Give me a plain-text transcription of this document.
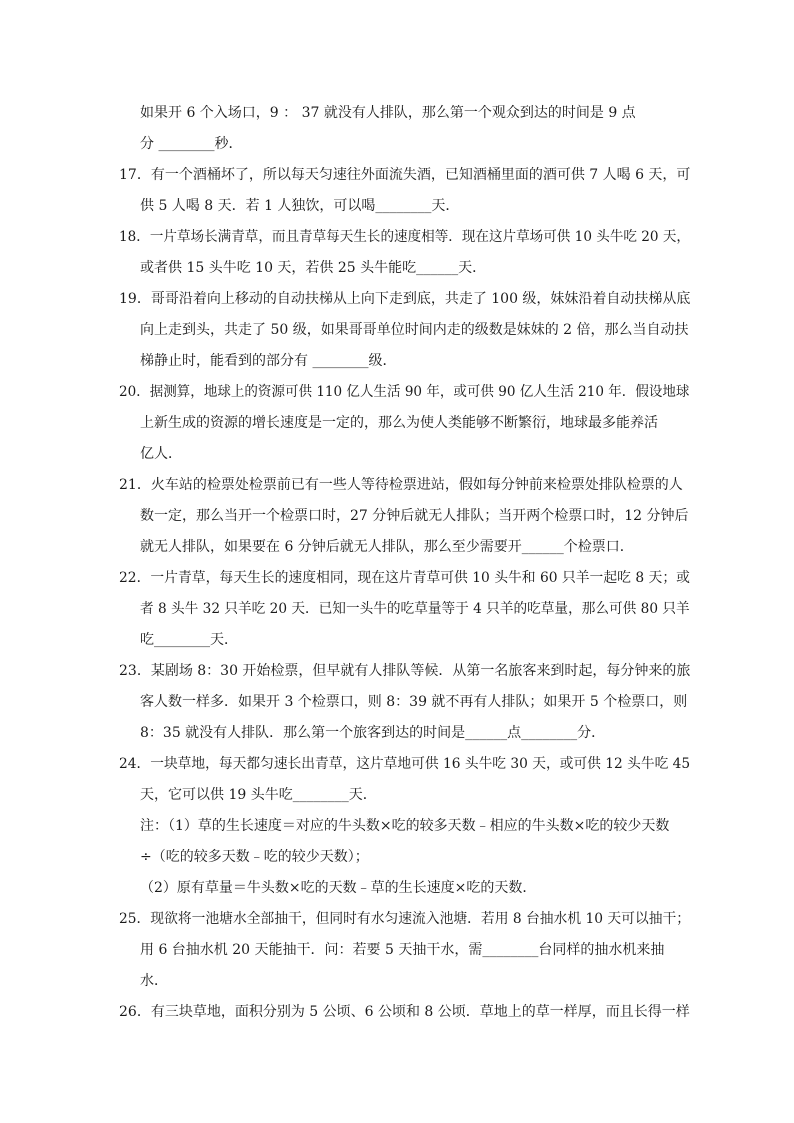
如果开 6 个入场口，9 ： 37 就没有人排队，那么第一个观众到达的时间是 9 点
分 ________秒．
17．有一个酒桶坏了，所以每天匀速往外面流失酒，已知酒桶里面的酒可供 7 人喝 6 天，可
供 5 人喝 8 天．若 1 人独饮，可以喝________天．
18．一片草场长满青草，而且青草每天生长的速度相等．现在这片草场可供 10 头牛吃 20 天，
或者供 15 头牛吃 10 天，若供 25 头牛能吃______天．
19．哥哥沿着向上移动的自动扶梯从上向下走到底，共走了 100 级，妹妹沿着自动扶梯从底
向上走到头，共走了 50 级，如果哥哥单位时间内走的级数是妹妹的 2 倍，那么当自动扶
梯静止时，能看到的部分有 ________级．
20．据测算，地球上的资源可供 110 亿人生活 90 年，或可供 90 亿人生活 210 年．假设地球
上新生成的资源的增长速度是一定的，那么为使人类能够不断繁衍，地球最多能养活
亿人．
21．火车站的检票处检票前已有一些人等待检票进站，假如每分钟前来检票处排队检票的人
数一定，那么当开一个检票口时，27 分钟后就无人排队；当开两个检票口时，12 分钟后
就无人排队，如果要在 6 分钟后就无人排队，那么至少需要开______个检票口．
22．一片青草，每天生长的速度相同，现在这片青草可供 10 头牛和 60 只羊一起吃 8 天；或
者 8 头牛 32 只羊吃 20 天．已知一头牛的吃草量等于 4 只羊的吃草量，那么可供 80 只羊
吃________天．
23．某剧场 8：30 开始检票，但早就有人排队等候．从第一名旅客来到时起，每分钟来的旅
客人数一样多．如果开 3 个检票口，则 8：39 就不再有人排队；如果开 5 个检票口，则
8：35 就没有人排队．那么第一个旅客到达的时间是______点________分．
24．一块草地，每天都匀速长出青草，这片草地可供 16 头牛吃 30 天，或可供 12 头牛吃 45
天，它可以供 19 头牛吃________天．
注：（1）草的生长速度＝对应的牛头数×吃的较多天数﹣相应的牛头数×吃的较少天数
÷（吃的较多天数﹣吃的较少天数）；
（2）原有草量＝牛头数×吃的天数﹣草的生长速度×吃的天数．
25．现欲将一池塘水全部抽干，但同时有水匀速流入池塘．若用 8 台抽水机 10 天可以抽干；
用 6 台抽水机 20 天能抽干．问：若要 5 天抽干水，需________台同样的抽水机来抽
水．
26．有三块草地，面积分别为 5 公顷、6 公顷和 8 公顷．草地上的草一样厚，而且长得一样
